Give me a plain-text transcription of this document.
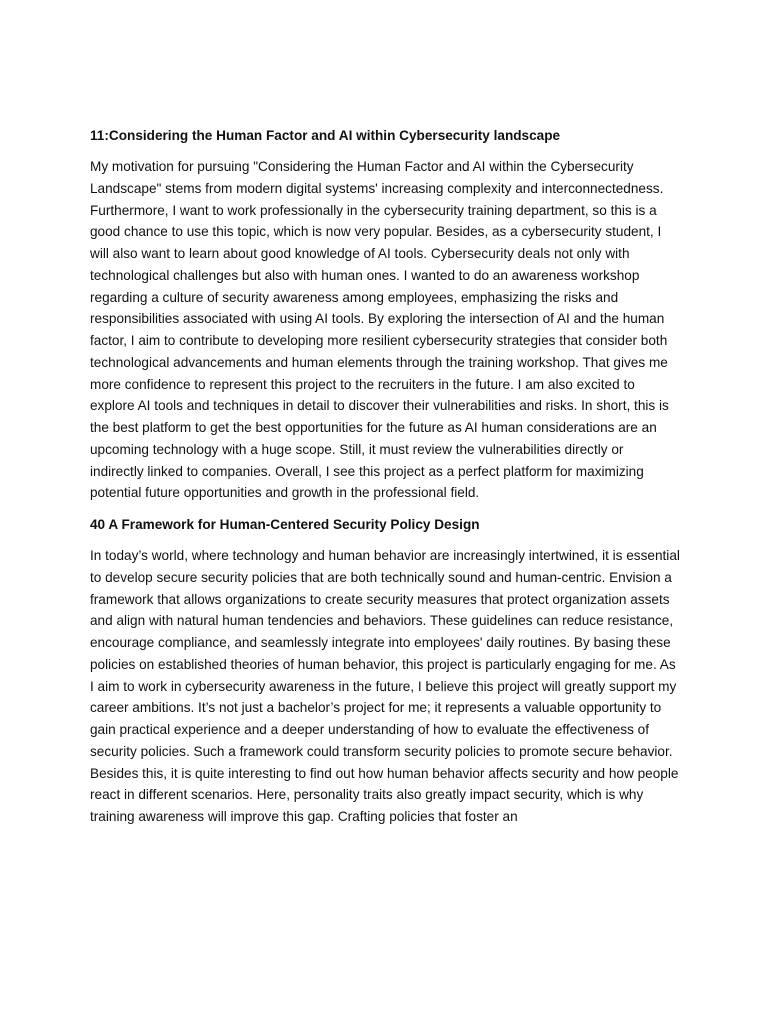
11:Considering the Human Factor and AI within Cybersecurity landscape
My motivation for pursuing "Considering the Human Factor and AI within the Cybersecurity Landscape" stems from modern digital systems' increasing complexity and interconnectedness. Furthermore, I want to work professionally in the cybersecurity training department, so this is a good chance to use this topic, which is now very popular. Besides, as a cybersecurity student, I will also want to learn about good knowledge of AI tools. Cybersecurity deals not only with technological challenges but also with human ones. I wanted to do an awareness workshop regarding a culture of security awareness among employees, emphasizing the risks and responsibilities associated with using AI tools. By exploring the intersection of AI and the human factor, I aim to contribute to developing more resilient cybersecurity strategies that consider both technological advancements and human elements through the training workshop. That gives me more confidence to represent this project to the recruiters in the future. I am also excited to explore AI tools and techniques in detail to discover their vulnerabilities and risks. In short, this is the best platform to get the best opportunities for the future as AI human considerations are an upcoming technology with a huge scope. Still, it must review the vulnerabilities directly or indirectly linked to companies. Overall, I see this project as a perfect platform for maximizing potential future opportunities and growth in the professional field.
40 A Framework for Human-Centered Security Policy Design
In today’s world, where technology and human behavior are increasingly intertwined, it is essential to develop secure security policies that are both technically sound and human-centric. Envision a framework that allows organizations to create security measures that protect organization assets and align with natural human tendencies and behaviors. These guidelines can reduce resistance, encourage compliance, and seamlessly integrate into employees' daily routines. By basing these policies on established theories of human behavior, this project is particularly engaging for me. As I aim to work in cybersecurity awareness in the future, I believe this project will greatly support my career ambitions. It’s not just a bachelor’s project for me; it represents a valuable opportunity to gain practical experience and a deeper understanding of how to evaluate the effectiveness of security policies. Such a framework could transform security policies to promote secure behavior. Besides this, it is quite interesting to find out how human behavior affects security and how people react in different scenarios. Here, personality traits also greatly impact security, which is why training awareness will improve this gap. Crafting policies that foster an
